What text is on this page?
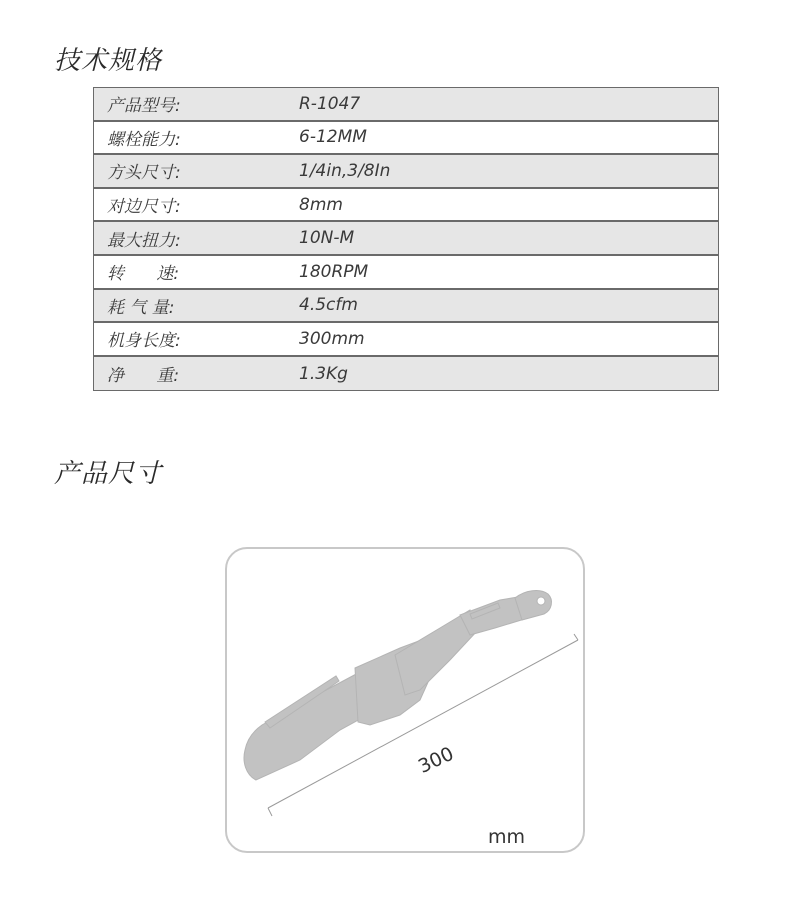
技术规格
产品型号:	R-1047
螺栓能力:	6-12MM
方头尺寸:	1/4in,3/8In
对边尺寸:	8mm
最大扭力:	10N-M
转      速:	180RPM
耗 气 量:	4.5cfm
机身长度:	300mm
净      重:	1.3Kg
产品尺寸
300
mm
